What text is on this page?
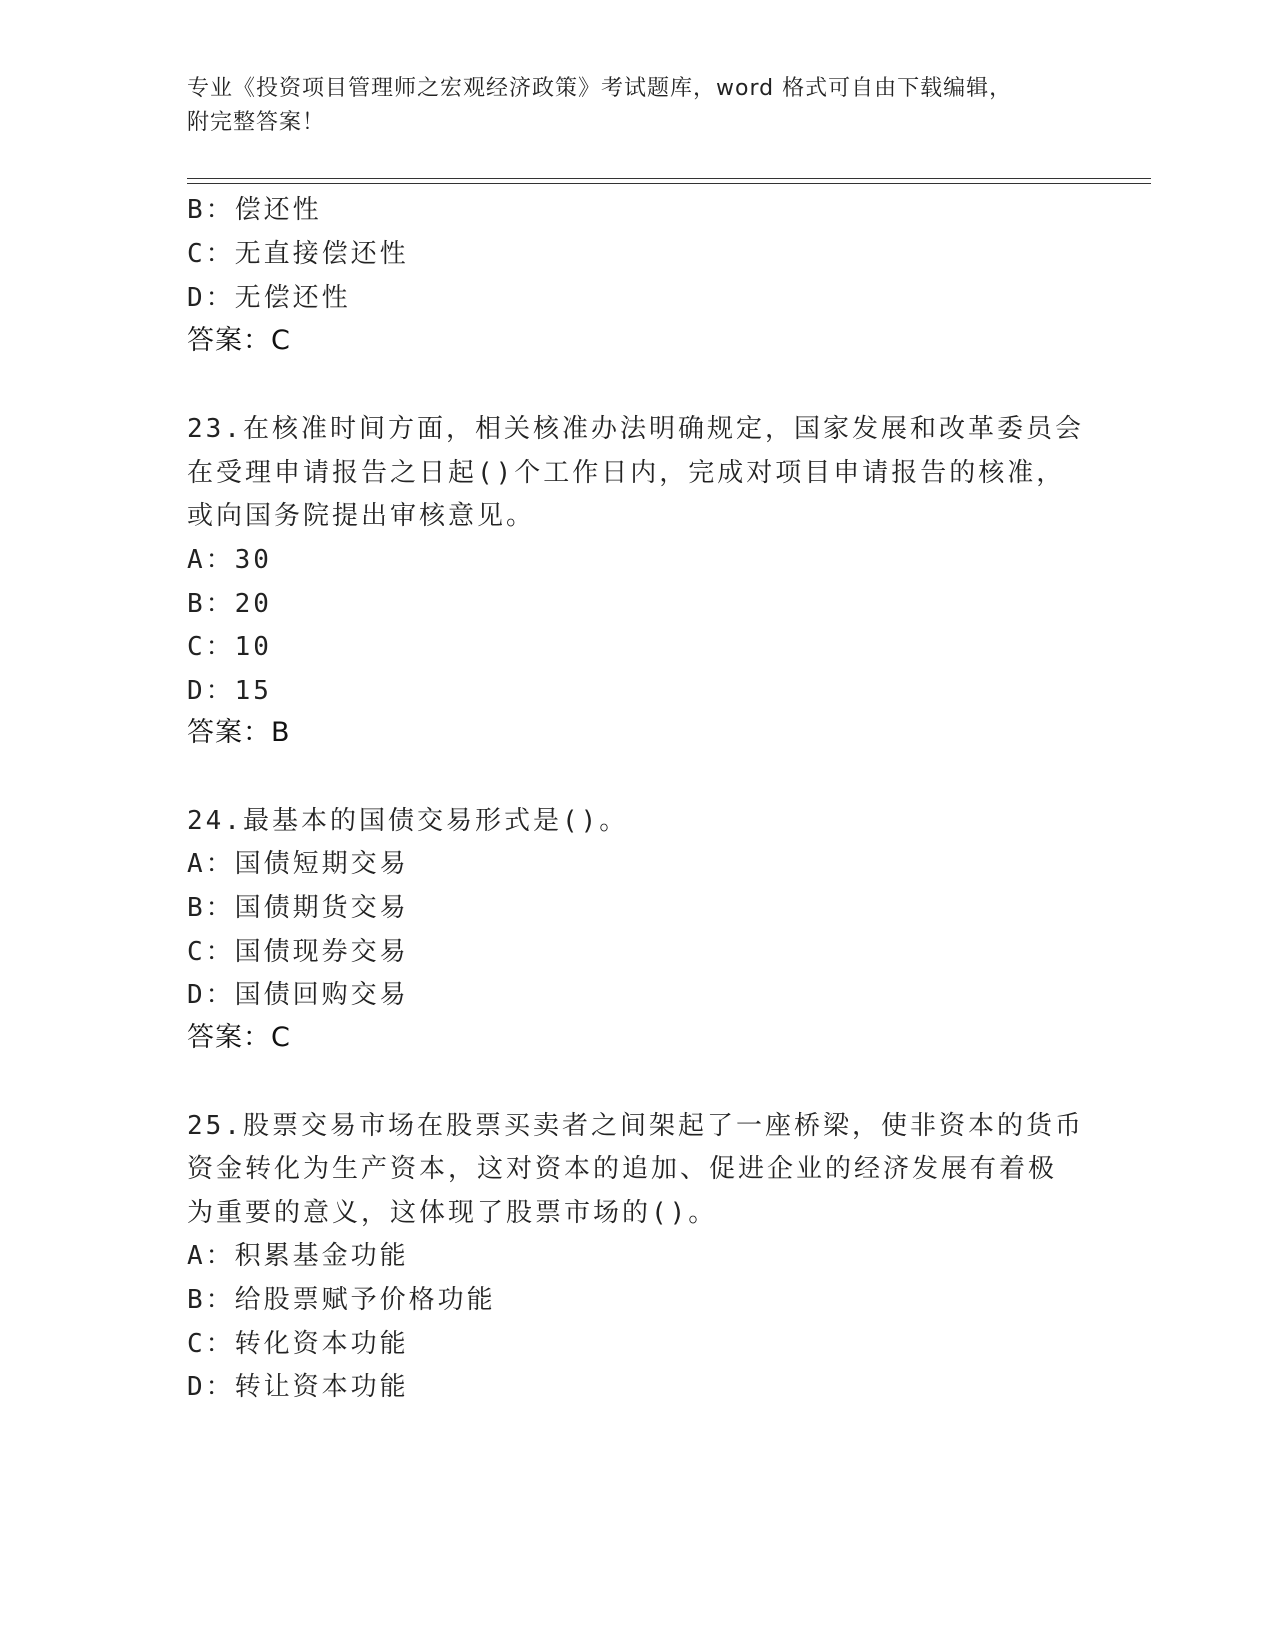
专业《投资项目管理师之宏观经济政策》考试题库，word 格式可自由下载编辑，

附完整答案！

B：偿还性
C：无直接偿还性
D：无偿还性
答案：C
23.在核准时间方面，相关核准办法明确规定，国家发展和改革委员会
在受理申请报告之日起()个工作日内，完成对项目申请报告的核准，
或向国务院提出审核意见。
A：30
B：20
C：10
D：15
答案：B
24.最基本的国债交易形式是()。
A：国债短期交易
B：国债期货交易
C：国债现券交易
D：国债回购交易
答案：C
25.股票交易市场在股票买卖者之间架起了一座桥梁，使非资本的货币
资金转化为生产资本，这对资本的追加、促进企业的经济发展有着极
为重要的意义，这体现了股票市场的()。
A：积累基金功能
B：给股票赋予价格功能
C：转化资本功能
D：转让资本功能
